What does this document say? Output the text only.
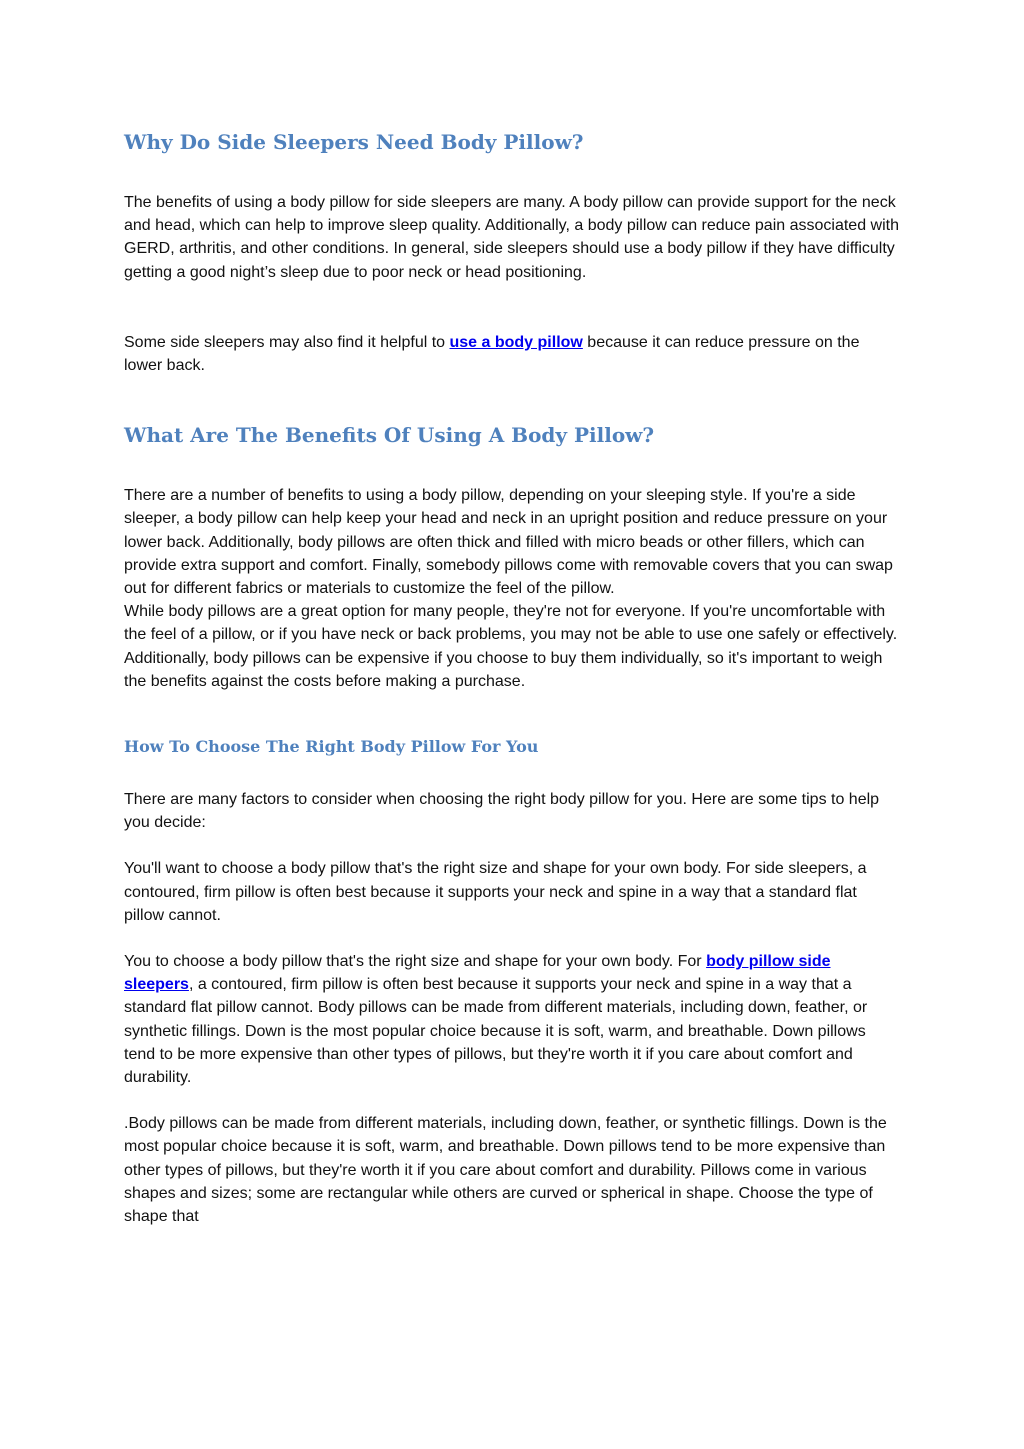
Why Do Side Sleepers Need Body Pillow?

The benefits of using a body pillow for side sleepers are many. A body pillow can provide support for the neck and head, which can help to improve sleep quality. Additionally, a body pillow can reduce pain associated with GERD, arthritis, and other conditions. In general, side sleepers should use a body pillow if they have difficulty getting a good night’s sleep due to poor neck or head positioning.

Some side sleepers may also find it helpful to use a body pillow because it can reduce pressure on the lower back.

What Are The Benefits Of Using A Body Pillow?

There are a number of benefits to using a body pillow, depending on your sleeping style. If you're a side sleeper, a body pillow can help keep your head and neck in an upright position and reduce pressure on your lower back. Additionally, body pillows are often thick and filled with micro beads or other fillers, which can provide extra support and comfort. Finally, somebody pillows come with removable covers that you can swap out for different fabrics or materials to customize the feel of the pillow.

While body pillows are a great option for many people, they're not for everyone. If you're uncomfortable with the feel of a pillow, or if you have neck or back problems, you may not be able to use one safely or effectively. Additionally, body pillows can be expensive if you choose to buy them individually, so it's important to weigh the benefits against the costs before making a purchase.

How To Choose The Right Body Pillow For You

There are many factors to consider when choosing the right body pillow for you. Here are some tips to help you decide:

You'll want to choose a body pillow that's the right size and shape for your own body. For side sleepers, a contoured, firm pillow is often best because it supports your neck and spine in a way that a standard flat pillow cannot.

You to choose a body pillow that's the right size and shape for your own body. For body pillow side sleepers, a contoured, firm pillow is often best because it supports your neck and spine in a way that a standard flat pillow cannot. Body pillows can be made from different materials, including down, feather, or synthetic fillings. Down is the most popular choice because it is soft, warm, and breathable. Down pillows tend to be more expensive than other types of pillows, but they're worth it if you care about comfort and durability.

.Body pillows can be made from different materials, including down, feather, or synthetic fillings. Down is the most popular choice because it is soft, warm, and breathable. Down pillows tend to be more expensive than other types of pillows, but they're worth it if you care about comfort and durability. Pillows come in various shapes and sizes; some are rectangular while others are curved or spherical in shape. Choose the type of shape that
